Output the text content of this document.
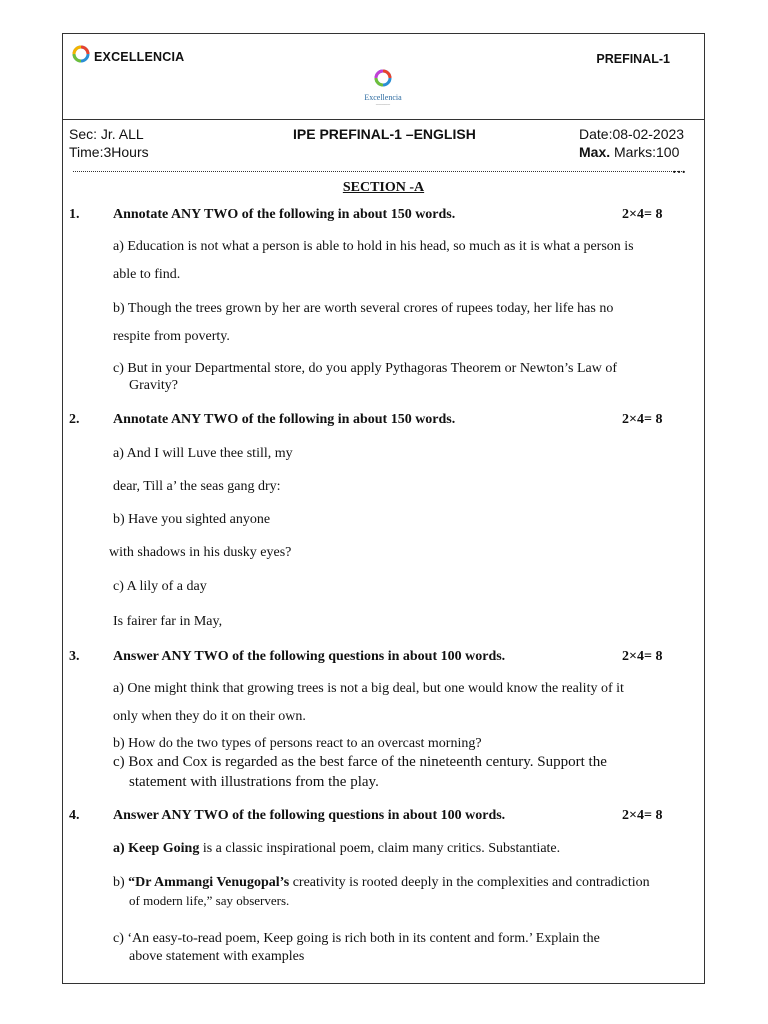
EXCELLENCIA	PREFINAL-1
Excellencia
─────
Sec: Jr. ALL
Time:3Hours
IPE PREFINAL-1 –ENGLISH	Date:08-02-2023
Max. Marks:100
…
SECTION -A
1. Annotate ANY TWO of the following in about 150 words.	2×4= 8
a) Education is not what a person is able to hold in his head, so much as it is what a person is
able to find.
b) Though the trees grown by her are worth several crores of rupees today, her life has no
respite from poverty.
c) But in your Departmental store, do you apply Pythagoras Theorem or Newton’s Law of
Gravity?
2. Annotate ANY TWO of the following in about 150 words.	2×4= 8
a) And I will Luve thee still, my
dear, Till a’ the seas gang dry:
b) Have you sighted anyone
with shadows in his dusky eyes?
c) A lily of a day
Is fairer far in May,
3. Answer ANY TWO of the following questions in about 100 words.	2×4= 8
a) One might think that growing trees is not a big deal, but one would know the reality of it
only when they do it on their own.
b) How do the two types of persons react to an overcast morning?
c) Box and Cox is regarded as the best farce of the nineteenth century. Support the
statement with illustrations from the play.
4. Answer ANY TWO of the following questions in about 100 words.	2×4= 8
a) Keep Going is a classic inspirational poem, claim many critics. Substantiate.
b) “Dr Ammangi Venugopal’s creativity is rooted deeply in the complexities and contradiction
of modern life,” say observers.
c) ‘An easy-to-read poem, Keep going is rich both in its content and form.’ Explain the
above statement with examples
